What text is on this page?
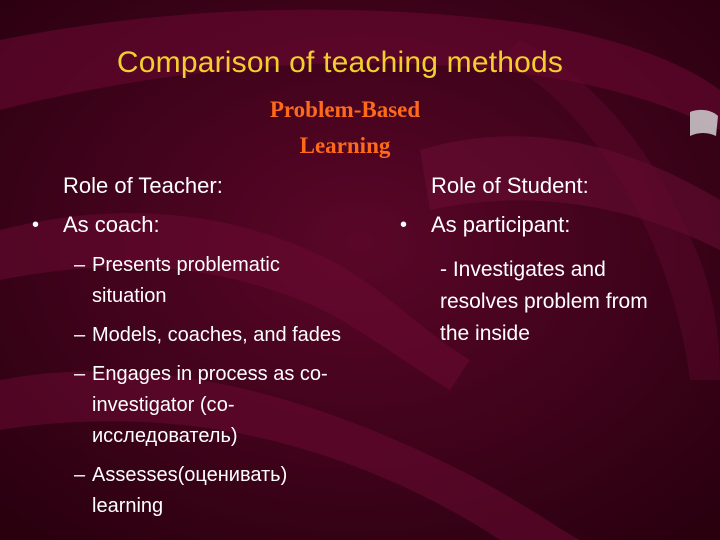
Comparison of teaching methods
Problem-Based Learning
Role of Teacher:
•	As coach:
– Presents problematic situation
– Models, coaches, and fades
– Engages in process as co-investigator (со-исследователь)
– Assesses(оценивать) learning
Role of Student:
•	As participant:
- Investigates and resolves problem from the inside
